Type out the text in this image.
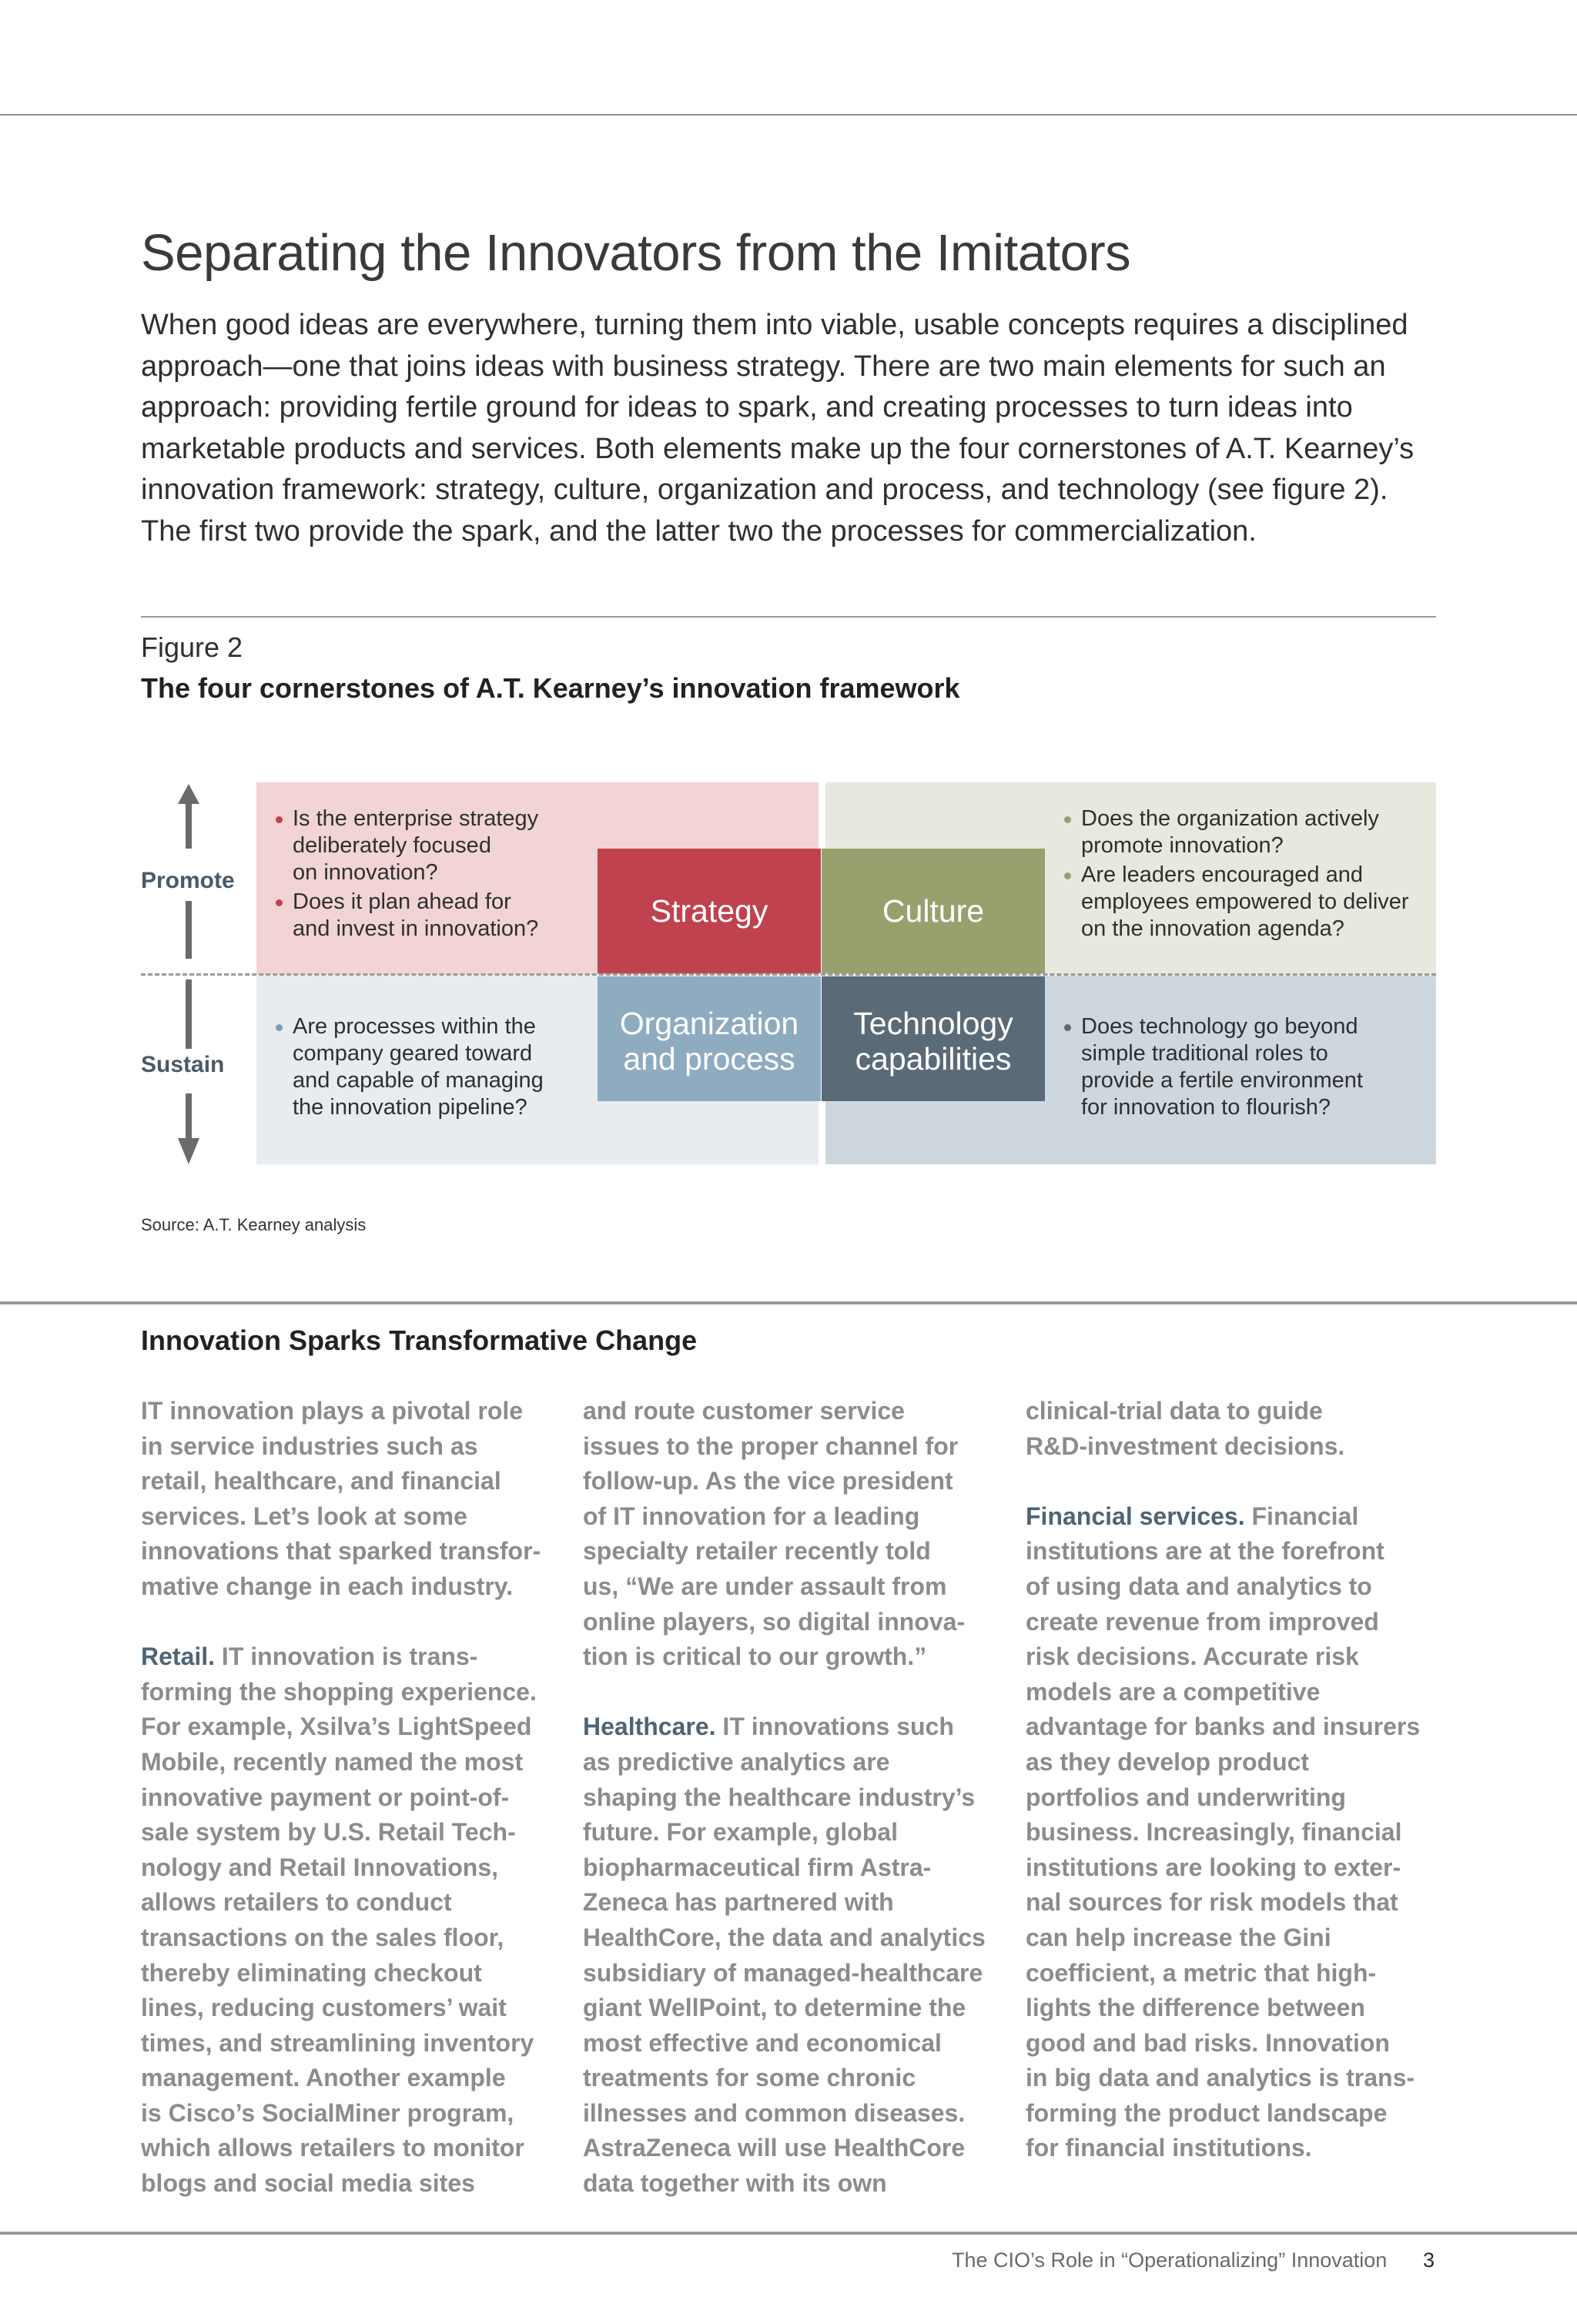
Separating the Innovators from the Imitators
When good ideas are everywhere, turning them into viable, usable concepts requires a disciplined
approach—one that joins ideas with business strategy. There are two main elements for such an
approach: providing fertile ground for ideas to spark, and creating processes to turn ideas into
marketable products and services. Both elements make up the four cornerstones of A.T. Kearney’s
innovation framework: strategy, culture, organization and process, and technology (see figure 2).
The first two provide the spark, and the latter two the processes for commercialization.
Figure 2
The four cornerstones of A.T. Kearney’s innovation framework
Promote
Sustain
Is the enterprise strategy
deliberately focused
on innovation?
Does it plan ahead for
and invest in innovation?
Does the organization actively
promote innovation?
Are leaders encouraged and
employees empowered to deliver
on the innovation agenda?
Are processes within the
company geared toward
and capable of managing
the innovation pipeline?
Does technology go beyond
simple traditional roles to
provide a fertile environment
for innovation to flourish?
Strategy	Culture
Organization
and process
Technology
capabilities
Source: A.T. Kearney analysis
Innovation Sparks Transformative Change
IT innovation plays a pivotal role
in service industries such as
retail, healthcare, and financial
services. Let’s look at some
innovations that sparked transfor-
mative change in each industry.
Retail. IT innovation is trans-
forming the shopping experience.
For example, Xsilva’s LightSpeed
Mobile, recently named the most
innovative payment or point-of-
sale system by U.S. Retail Tech-
nology and Retail Innovations,
allows retailers to conduct
transactions on the sales floor,
thereby eliminating checkout
lines, reducing customers’ wait
times, and streamlining inventory
management. Another example
is Cisco’s SocialMiner program,
which allows retailers to monitor
blogs and social media sites
and route customer service
issues to the proper channel for
follow-up. As the vice president
of IT innovation for a leading
specialty retailer recently told
us, “We are under assault from
online players, so digital innova-
tion is critical to our growth.”
Healthcare. IT innovations such
as predictive analytics are
shaping the healthcare industry’s
future. For example, global
biopharmaceutical firm Astra-
Zeneca has partnered with
HealthCore, the data and analytics
subsidiary of managed-healthcare
giant WellPoint, to determine the
most effective and economical
treatments for some chronic
illnesses and common diseases.
AstraZeneca will use HealthCore
data together with its own
clinical-trial data to guide
R&D-investment decisions.
Financial services. Financial
institutions are at the forefront
of using data and analytics to
create revenue from improved
risk decisions. Accurate risk
models are a competitive
advantage for banks and insurers
as they develop product
portfolios and underwriting
business. Increasingly, financial
institutions are looking to exter-
nal sources for risk models that
can help increase the Gini
coefficient, a metric that high-
lights the difference between
good and bad risks. Innovation
in big data and analytics is trans-
forming the product landscape
for financial institutions.
The CIO’s Role in “Operationalizing” Innovation 3
